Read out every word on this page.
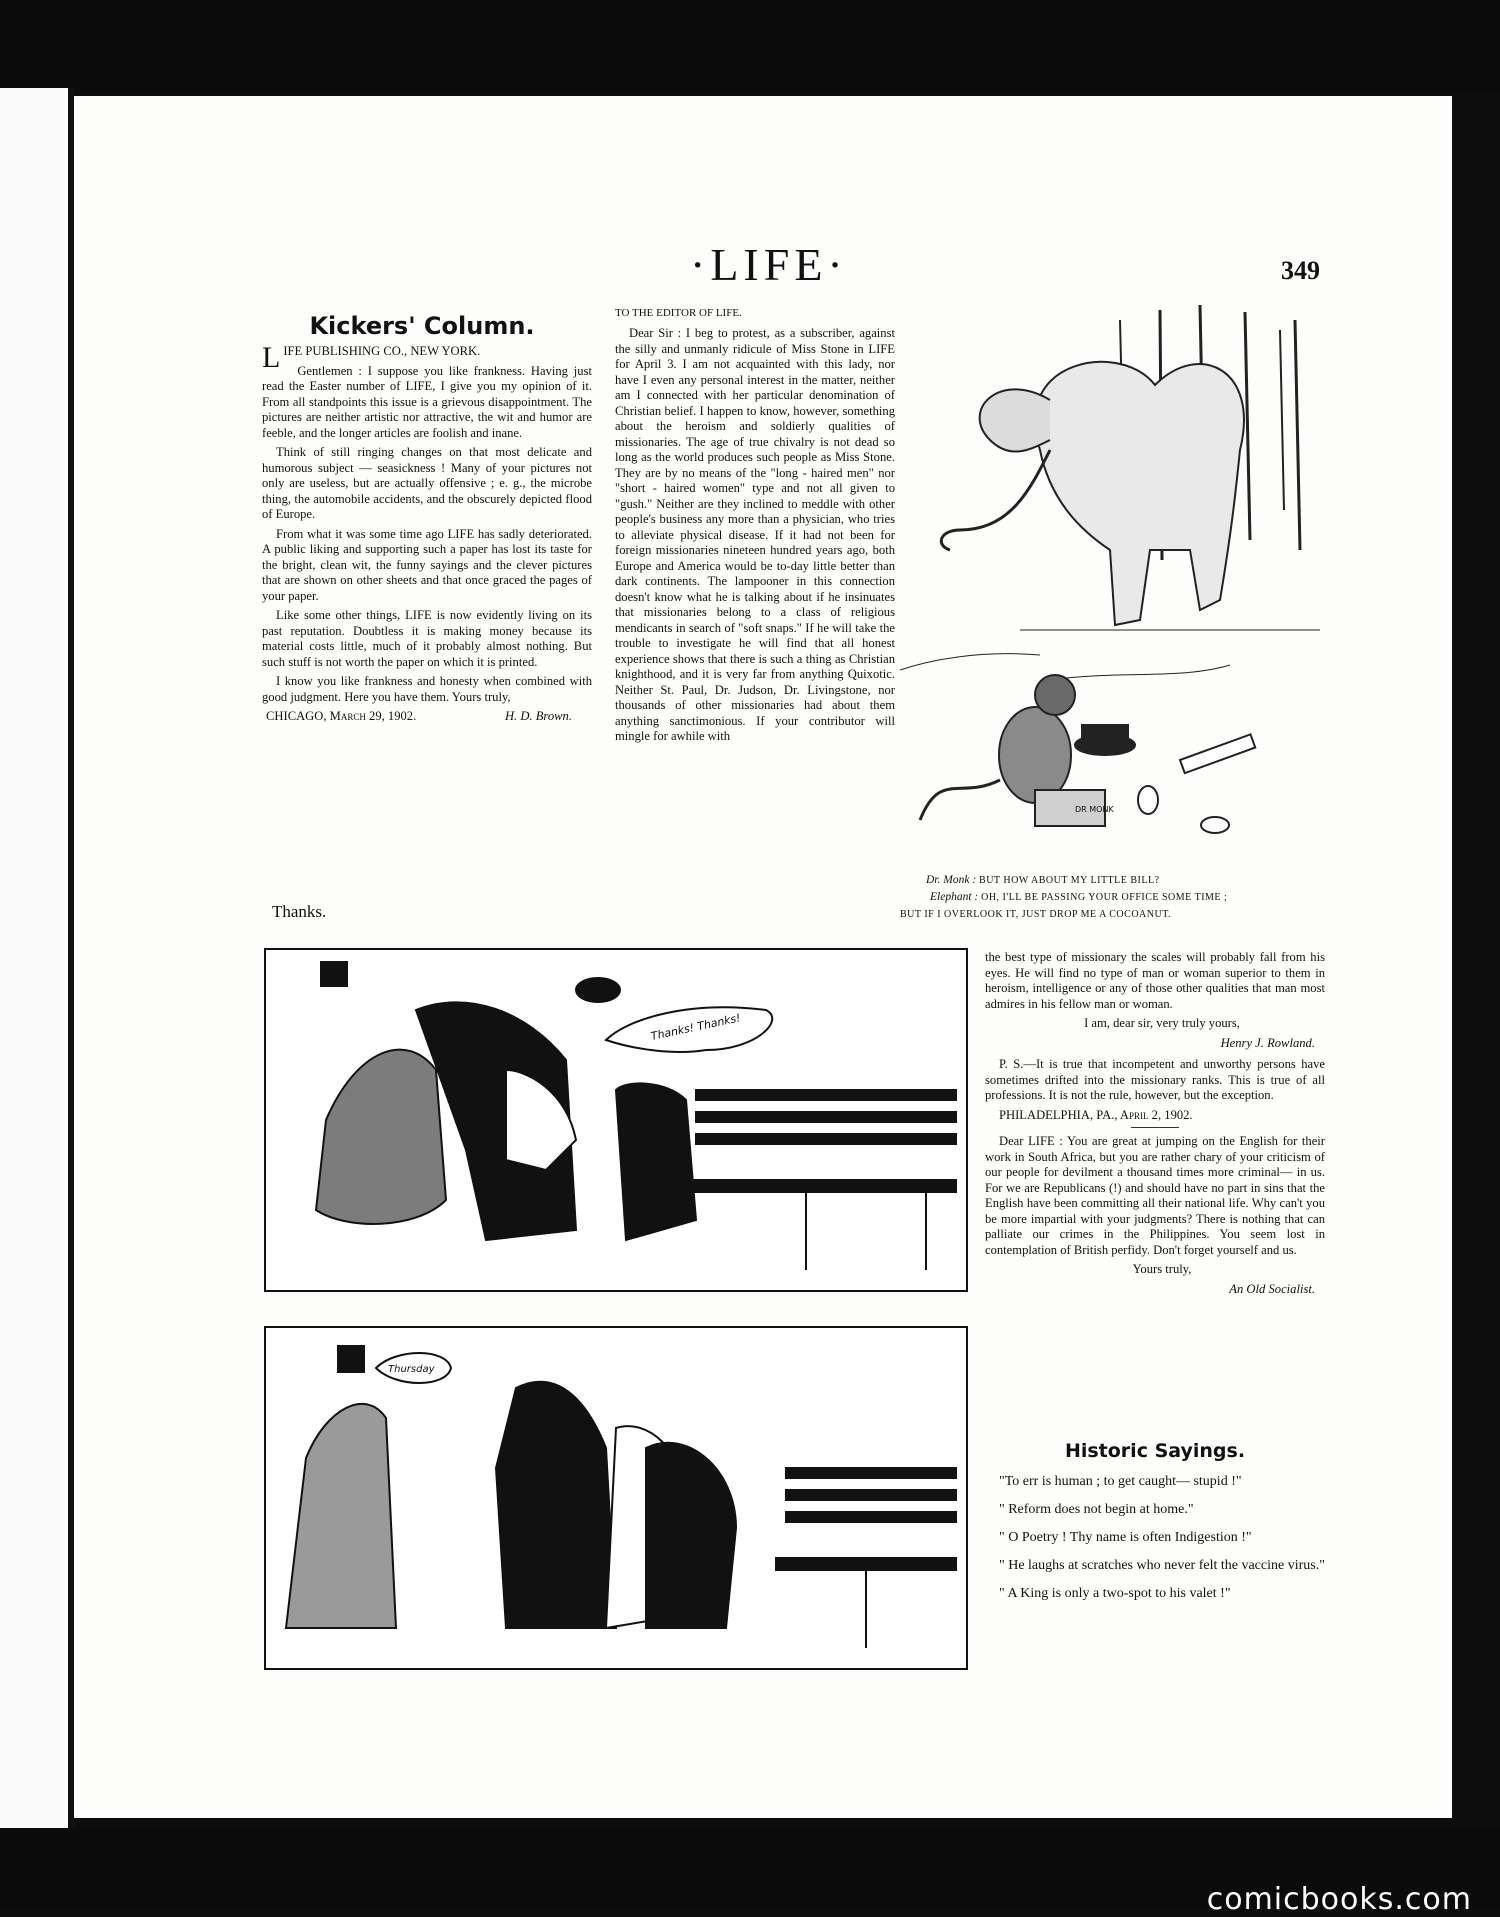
·LIFE·	349
Kickers' Column.

LIFE PUBLISHING CO., NEW YORK.

Gentlemen : I suppose you like frankness. Having just read the Easter number of LIFE, I give you my opinion of it. From all standpoints this issue is a grievous disappointment. The pictures are neither artistic nor attractive, the wit and humor are feeble, and the longer articles are foolish and inane.

Think of still ringing changes on that most delicate and humorous subject — seasickness ! Many of your pictures not only are useless, but are actually offensive ; e. g., the microbe thing, the automobile accidents, and the obscurely depicted flood of Europe.

From what it was some time ago LIFE has sadly deteriorated. A public liking and supporting such a paper has lost its taste for the bright, clean wit, the funny sayings and the clever pictures that are shown on other sheets and that once graced the pages of your paper.

Like some other things, LIFE is now evidently living on its past reputation. Doubtless it is making money because its material costs little, much of it probably almost nothing. But such stuff is not worth the paper on which it is printed.

I know you like frankness and honesty when combined with good judgment. Here you have them. Yours truly,

CHICAGO, March 29, 1902.	H. D. Brown.
Thanks.

TO THE EDITOR OF LIFE.

Dear Sir : I beg to protest, as a subscriber, against the silly and unmanly ridicule of Miss Stone in LIFE for April 3. I am not acquainted with this lady, nor have I even any personal interest in the matter, neither am I connected with her particular denomination of Christian belief. I happen to know, however, something about the heroism and soldierly qualities of missionaries. The age of true chivalry is not dead so long as the world produces such people as Miss Stone. They are by no means of the "long - haired men" nor "short - haired women" type and not all given to "gush." Neither are they inclined to meddle with other people's business any more than a physician, who tries to alleviate physical disease. If it had not been for foreign missionaries nineteen hundred years ago, both Europe and America would be to-day little better than dark continents. The lampooner in this connection doesn't know what he is talking about if he insinuates that missionaries belong to a class of religious mendicants in search of "soft snaps." If he will take the trouble to investigate he will find that all honest experience shows that there is such a thing as Christian knighthood, and it is very far from anything Quixotic. Neither St. Paul, Dr. Judson, Dr. Livingstone, nor thousands of other missionaries had about them anything sanctimonious. If your contributor will mingle for awhile with

DR MONK
Dr. Monk : BUT HOW ABOUT MY LITTLE BILL?
Elephant : OH, I'LL BE PASSING YOUR OFFICE SOME TIME ;
BUT IF I OVERLOOK IT, JUST DROP ME A COCOANUT.
Thanks! Thanks!
Thursday

the best type of missionary the scales will probably fall from his eyes. He will find no type of man or woman superior to them in heroism, intelligence or any of those other qualities that man most admires in his fellow man or woman.

I am, dear sir, very truly yours,

Henry J. Rowland.

P. S.—It is true that incompetent and unworthy persons have sometimes drifted into the missionary ranks. This is true of all professions. It is not the rule, however, but the exception.

PHILADELPHIA, PA., April 2, 1902.

Dear LIFE : You are great at jumping on the English for their work in South Africa, but you are rather chary of your criticism of our people for devilment a thousand times more criminal— in us. For we are Republicans (!) and should have no part in sins that the English have been committing all their national life. Why can't you be more impartial with your judgments? There is nothing that can palliate our crimes in the Philippines. You seem lost in contemplation of British perfidy. Don't forget yourself and us.

Yours truly,

An Old Socialist.
Historic Sayings.

"To err is human ; to get caught— stupid !"

" Reform does not begin at home."

" O Poetry ! Thy name is often Indigestion !"

" He laughs at scratches who never felt the vaccine virus."

" A King is only a two-spot to his valet !"

comicbooks.com
